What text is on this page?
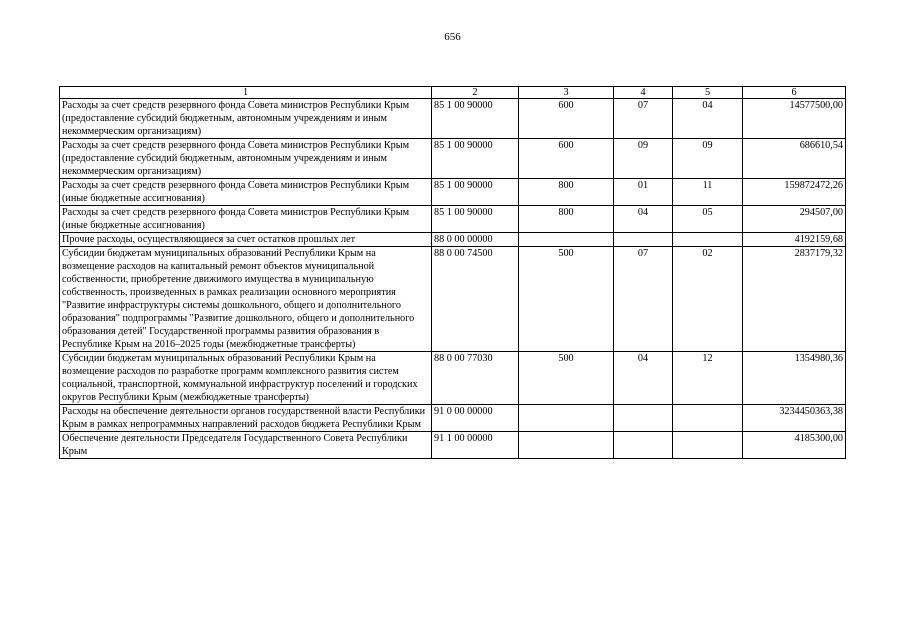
656
1	2	3	4	5	6
Расходы за счет средств резервного фонда Совета министров Республики Крым (предоставление субсидий бюджетным, автономным учреждениям и иным некоммерческим организациям)	85 1 00 90000	600	07	04	14577500,00
Расходы за счет средств резервного фонда Совета министров Республики Крым (предоставление субсидий бюджетным, автономным учреждениям и иным некоммерческим организациям)	85 1 00 90000	600	09	09	686610,54
Расходы за счет средств резервного фонда Совета министров Республики Крым (иные бюджетные ассигнования)	85 1 00 90000	800	01	11	159872472,26
Расходы за счет средств резервного фонда Совета министров Республики Крым (иные бюджетные ассигнования)	85 1 00 90000	800	04	05	294507,00
Прочие расходы, осуществляющиеся за счет остатков прошлых лет	88 0 00 00000				4192159,68
Субсидии бюджетам муниципальных образований Республики Крым на возмещение расходов на капитальный ремонт объектов муниципальной собственности, приобретение движимого имущества в муниципальную собственность, произведенных в рамках реализации основного мероприятия "Развитие инфраструктуры системы дошкольного, общего и дополнительного образования" подпрограммы "Развитие дошкольного, общего и дополнительного образования детей" Государственной программы развития образования в Республике Крым на 2016–2025 годы (межбюджетные трансферты)	88 0 00 74500	500	07	02	2837179,32
Субсидии бюджетам муниципальных образований Республики Крым на возмещение расходов по разработке программ комплексного развития систем социальной, транспортной, коммунальной инфраструктур поселений и городских округов Республики Крым (межбюджетные трансферты)	88 0 00 77030	500	04	12	1354980,36
Расходы на обеспечение деятельности органов государственной власти Республики Крым в рамках непрограммных направлений расходов бюджета Республики Крым	91 0 00 00000				3234450363,38
Обеспечение деятельности Председателя Государственного Совета Республики Крым	91 1 00 00000				4185300,00
